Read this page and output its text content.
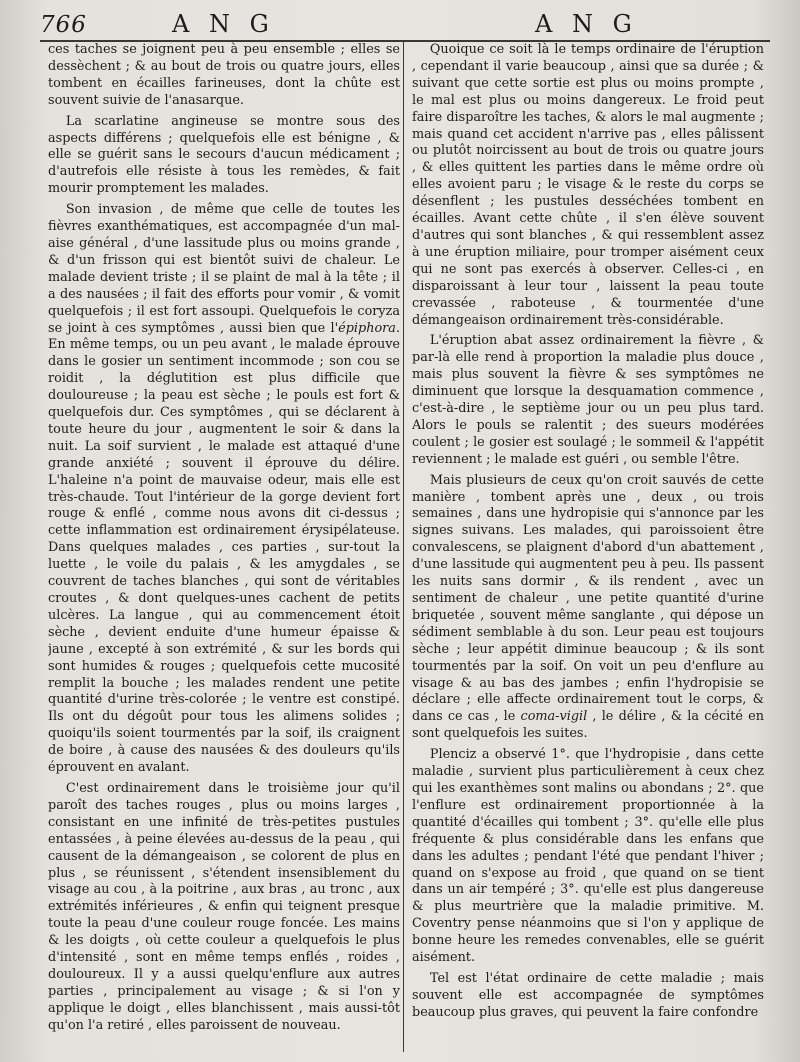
766	A N G	A N G

ces taches se joignent peu à peu ensemble ; elles se dessèchent ; & au bout de trois ou quatre jours, elles tombent en écailles farineuses, dont la chûte est souvent suivie de l'anasarque.

La scarlatine angineuse se montre sous des aspects différens ; quelquefois elle est bénigne , & elle se guérit sans le secours d'aucun médicament ; d'autrefois elle résiste à tous les remèdes, & fait mourir promptement les malades.

Son invasion , de même que celle de toutes les fièvres exanthématiques, est accompagnée d'un mal-aise général , d'une lassitude plus ou moins grande , & d'un frisson qui est bientôt suivi de chaleur. Le malade devient triste ; il se plaint de mal à la tête ; il a des nausées ; il fait des efforts pour vomir , & vomit quelquefois ; il est fort assoupi. Quelquefois le coryza se joint à ces symptômes , aussi bien que l'épiphora. En même temps, ou un peu avant , le malade éprouve dans le gosier un sentiment incommode ; son cou se roidit , la déglutition est plus difficile que douloureuse ; la peau est sèche ; le pouls est fort & quelquefois dur. Ces symptômes , qui se déclarent à toute heure du jour , augmentent le soir & dans la nuit. La soif survient , le malade est attaqué d'une grande anxiété ; souvent il éprouve du délire. L'haleine n'a point de mauvaise odeur, mais elle est très-chaude. Tout l'intérieur de la gorge devient fort rouge & enflé , comme nous avons dit ci-dessus ; cette inflammation est ordinairement érysipélateuse. Dans quelques malades , ces parties , sur-tout la luette , le voile du palais , & les amygdales , se couvrent de taches blanches , qui sont de véritables croutes , & dont quelques-unes cachent de petits ulcères. La langue , qui au commencement étoit sèche , devient enduite d'une humeur épaisse & jaune , excepté à son extrémité , & sur les bords qui sont humides & rouges ; quelquefois cette mucosité remplit la bouche ; les malades rendent une petite quantité d'urine très-colorée ; le ventre est constipé. Ils ont du dégoût pour tous les alimens solides ; quoiqu'ils soient tourmentés par la soif, ils craignent de boire , à cause des nausées & des douleurs qu'ils éprouvent en avalant.

C'est ordinairement dans le troisième jour qu'il paroît des taches rouges , plus ou moins larges , consistant en une infinité de très-petites pustules entassées , à peine élevées au-dessus de la peau , qui causent de la démangeaison , se colorent de plus en plus , se réunissent , s'étendent insensiblement du visage au cou , à la poitrine , aux bras , au tronc , aux extrémités inférieures , & enfin qui teignent presque toute la peau d'une couleur rouge foncée. Les mains & les doigts , où cette couleur a quelquefois le plus d'intensité , sont en même temps enflés , roides , douloureux. Il y a aussi quelqu'enflure aux autres parties , principalement au visage ; & si l'on y applique le doigt , elles blanchissent , mais aussi-tôt qu'on l'a retiré , elles paroissent de nouveau.

Quoique ce soit là le temps ordinaire de l'éruption , cependant il varie beaucoup , ainsi que sa durée ; & suivant que cette sortie est plus ou moins prompte , le mal est plus ou moins dangereux. Le froid peut faire disparoître les taches, & alors le mal augmente ; mais quand cet accident n'arrive pas , elles pâlissent ou plutôt noircissent au bout de trois ou quatre jours , & elles quittent les parties dans le même ordre où elles avoient paru ; le visage & le reste du corps se désenflent ; les pustules desséchées tombent en écailles. Avant cette chûte , il s'en élève souvent d'autres qui sont blanches , & qui ressemblent assez à une éruption miliaire, pour tromper aisément ceux qui ne sont pas exercés à observer. Celles-ci , en disparoissant à leur tour , laissent la peau toute crevassée , raboteuse , & tourmentée d'une démangeaison ordinairement très-considérable.

L'éruption abat assez ordinairement la fièvre , & par-là elle rend à proportion la maladie plus douce , mais plus souvent la fièvre & ses symptômes ne diminuent que lorsque la desquamation commence , c'est-à-dire , le septième jour ou un peu plus tard. Alors le pouls se ralentit ; des sueurs modérées coulent ; le gosier est soulagé ; le sommeil & l'appétit reviennent ; le malade est guéri , ou semble l'être.

Mais plusieurs de ceux qu'on croit sauvés de cette manière , tombent après une , deux , ou trois semaines , dans une hydropisie qui s'annonce par les signes suivans. Les malades, qui paroissoient être convalescens, se plaignent d'abord d'un abattement , d'une lassitude qui augmentent peu à peu. Ils passent les nuits sans dormir , & ils rendent , avec un sentiment de chaleur , une petite quantité d'urine briquetée , souvent même sanglante , qui dépose un sédiment semblable à du son. Leur peau est toujours sèche ; leur appétit diminue beaucoup ; & ils sont tourmentés par la soif. On voit un peu d'enflure au visage & au bas des jambes ; enfin l'hydropisie se déclare ; elle affecte ordinairement tout le corps, & dans ce cas , le coma-vigil , le délire , & la cécité en sont quelquefois les suites.

Plenciz a observé 1°. que l'hydropisie , dans cette maladie , survient plus particulièrement à ceux chez qui les exanthèmes sont malins ou abondans ; 2°. que l'enflure est ordinairement proportionnée à la quantité d'écailles qui tombent ; 3°. qu'elle elle plus fréquente & plus considérable dans les enfans que dans les adultes ; pendant l'été que pendant l'hiver ; quand on s'expose au froid , que quand on se tient dans un air tempéré ; 3°. qu'elle est plus dangereuse & plus meurtrière que la maladie primitive. M. Coventry pense néanmoins que si l'on y applique de bonne heure les remedes convenables, elle se guérit aisément.

Tel est l'état ordinaire de cette maladie ; mais souvent elle est accompagnée de symptômes beaucoup plus graves, qui peuvent la faire confondre
